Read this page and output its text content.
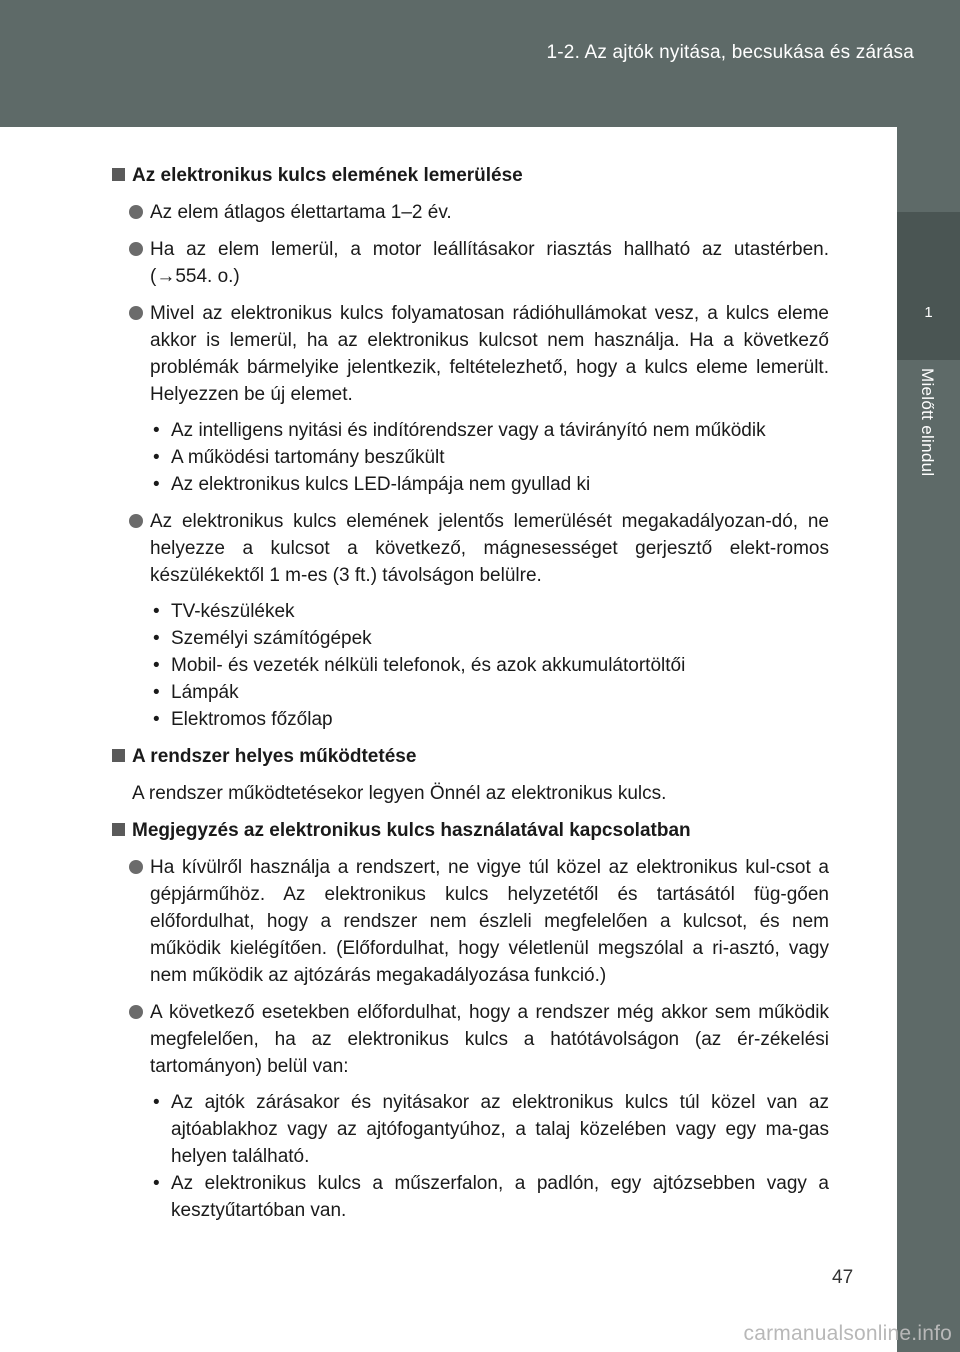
1-2. Az ajtók nyitása, becsukása és zárása
1
Mielőtt elindul
Az elektronikus kulcs elemének lemerülése
Az elem átlagos élettartama 1–2 év.
Ha az elem lemerül, a motor leállításakor riasztás hallható az utastérben. (→554. o.)
Mivel az elektronikus kulcs folyamatosan rádióhullámokat vesz, a kulcs eleme akkor is lemerül, ha az elektronikus kulcsot nem használja. Ha a következő problémák bármelyike jelentkezik, feltételezhető, hogy a kulcs eleme lemerült. Helyezzen be új elemet.
• Az intelligens nyitási és indítórendszer vagy a távirányító nem működik
• A működési tartomány beszűkült
• Az elektronikus kulcs LED-lámpája nem gyullad ki
Az elektronikus kulcs elemének jelentős lemerülését megakadályozan-dó, ne helyezze a kulcsot a következő, mágnesességet gerjesztő elekt-romos készülékektől 1 m-es (3 ft.) távolságon belülre.
• TV-készülékek
• Személyi számítógépek
• Mobil- és vezeték nélküli telefonok, és azok akkumulátortöltői
• Lámpák
• Elektromos főzőlap
A rendszer helyes működtetése
A rendszer működtetésekor legyen Önnél az elektronikus kulcs.
Megjegyzés az elektronikus kulcs használatával kapcsolatban
Ha kívülről használja a rendszert, ne vigye túl közel az elektronikus kul-csot a gépjárműhöz. Az elektronikus kulcs helyzetétől és tartásától füg-gően előfordulhat, hogy a rendszer nem észleli megfelelően a kulcsot, és nem működik kielégítően. (Előfordulhat, hogy véletlenül megszólal a ri-asztó, vagy nem működik az ajtózárás megakadályozása funkció.)
A következő esetekben előfordulhat, hogy a rendszer még akkor sem működik megfelelően, ha az elektronikus kulcs a hatótávolságon (az ér-zékelési tartományon) belül van:
• Az ajtók zárásakor és nyitásakor az elektronikus kulcs túl közel van az ajtóablakhoz vagy az ajtófogantyúhoz, a talaj közelében vagy egy ma-gas helyen található.
• Az elektronikus kulcs a műszerfalon, a padlón, egy ajtózsebben vagy a kesztyűtartóban van.
47
carmanualsonline.info
